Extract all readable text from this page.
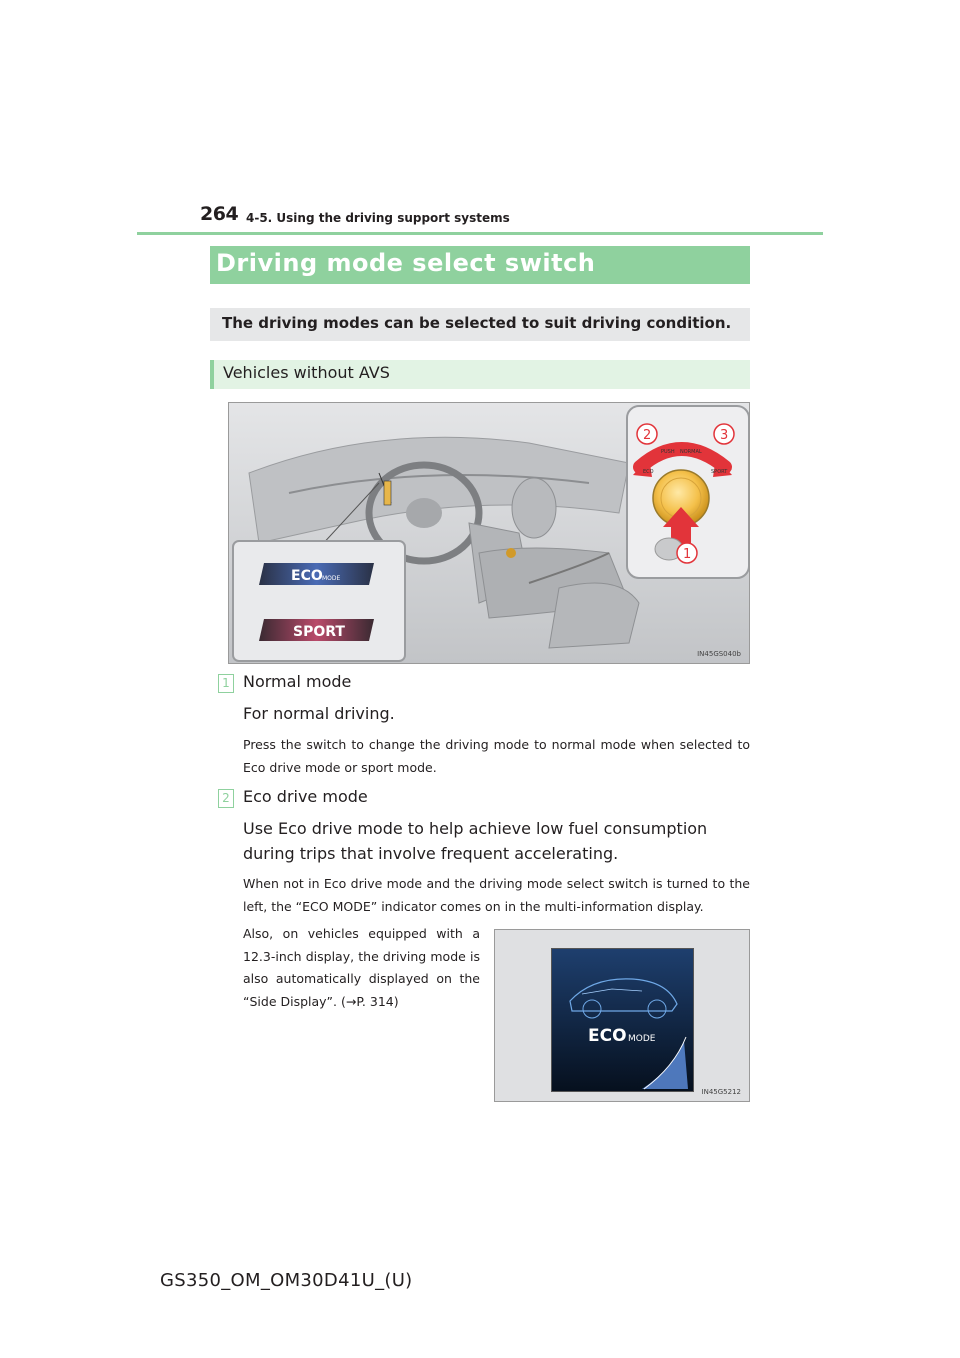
264 4-5. Using the driving support systems
Driving mode select switch
The driving modes can be selected to suit driving condition.
Vehicles without AVS
ECO MODE
SPORT
PUSH NORMAL
ECO	SPORT
2	3
1
IN45GS040b
1 Normal mode
For normal driving.
Press the switch to change the driving mode to normal mode when selected to Eco drive mode or sport mode.
2 Eco drive mode
Use Eco drive mode to help achieve low fuel consumption during trips that involve frequent accelerating.
When not in Eco drive mode and the driving mode select switch is turned to the left, the “ECO MODE” indicator comes on in the multi-information display.
Also, on vehicles equipped with a 12.3-inch display, the driving mode is also automatically displayed on the “Side Display”. (→P. 314)
ECO MODE
IN45G5212
GS350_OM_OM30D41U_(U)
